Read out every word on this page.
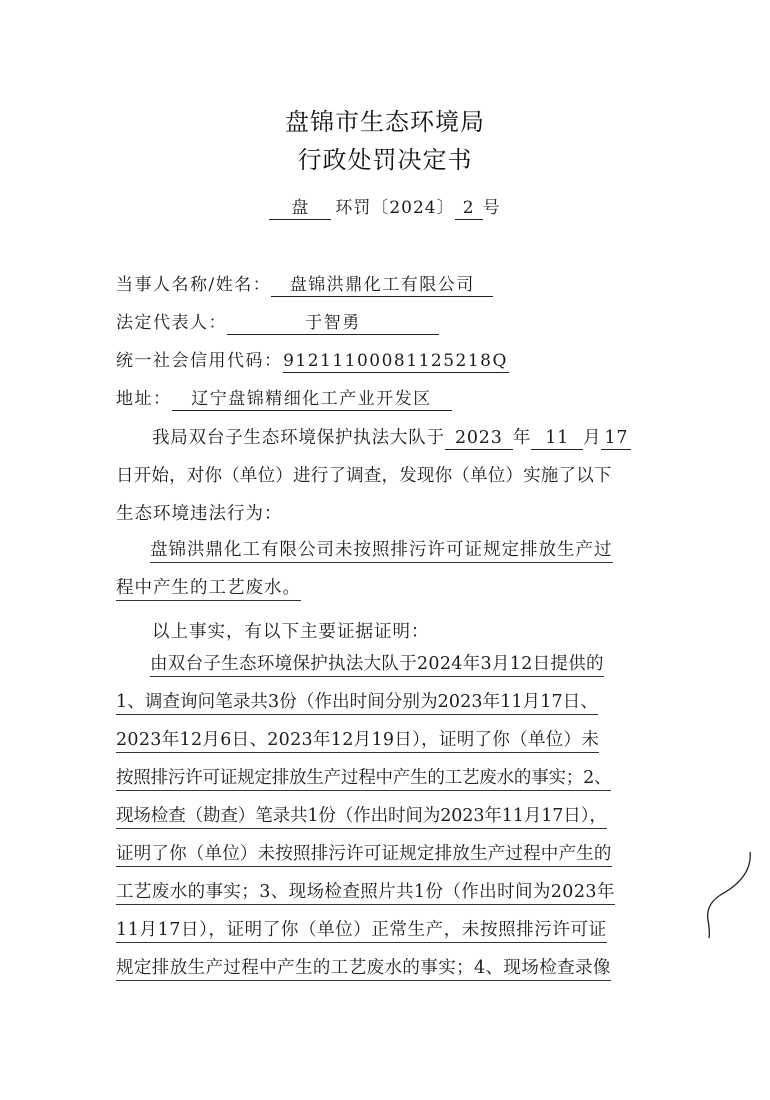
盘锦市生态环境局
行政处罚决定书
盘 环罚〔2024〕 2 号
当事人名称/姓名： 盘锦洪鼎化工有限公司
法定代表人：	于智勇
统一社会信用代码：91211100081125218Q
地址： 辽宁盘锦精细化工产业开发区
我局双台子生态环境保护执法大队于 2023 年 11 月 17
日开始，对你（单位）进行了调查，发现你（单位）实施了以下
生态环境违法行为：
盘锦洪鼎化工有限公司未按照排污许可证规定排放生产过
程中产生的工艺废水。
以上事实，有以下主要证据证明：
由双台子生态环境保护执法大队于2024年3月12日提供的
1、调查询问笔录共3份（作出时间分别为2023年11月17日、
2023年12月6日、2023年12月19日），证明了你（单位）未
按照排污许可证规定排放生产过程中产生的工艺废水的事实；2、
现场检查（勘查）笔录共1份（作出时间为2023年11月17日），
证明了你（单位）未按照排污许可证规定排放生产过程中产生的
工艺废水的事实；3、现场检查照片共1份（作出时间为2023年
11月17日），证明了你（单位）正常生产，未按照排污许可证
规定排放生产过程中产生的工艺废水的事实；4、现场检查录像
